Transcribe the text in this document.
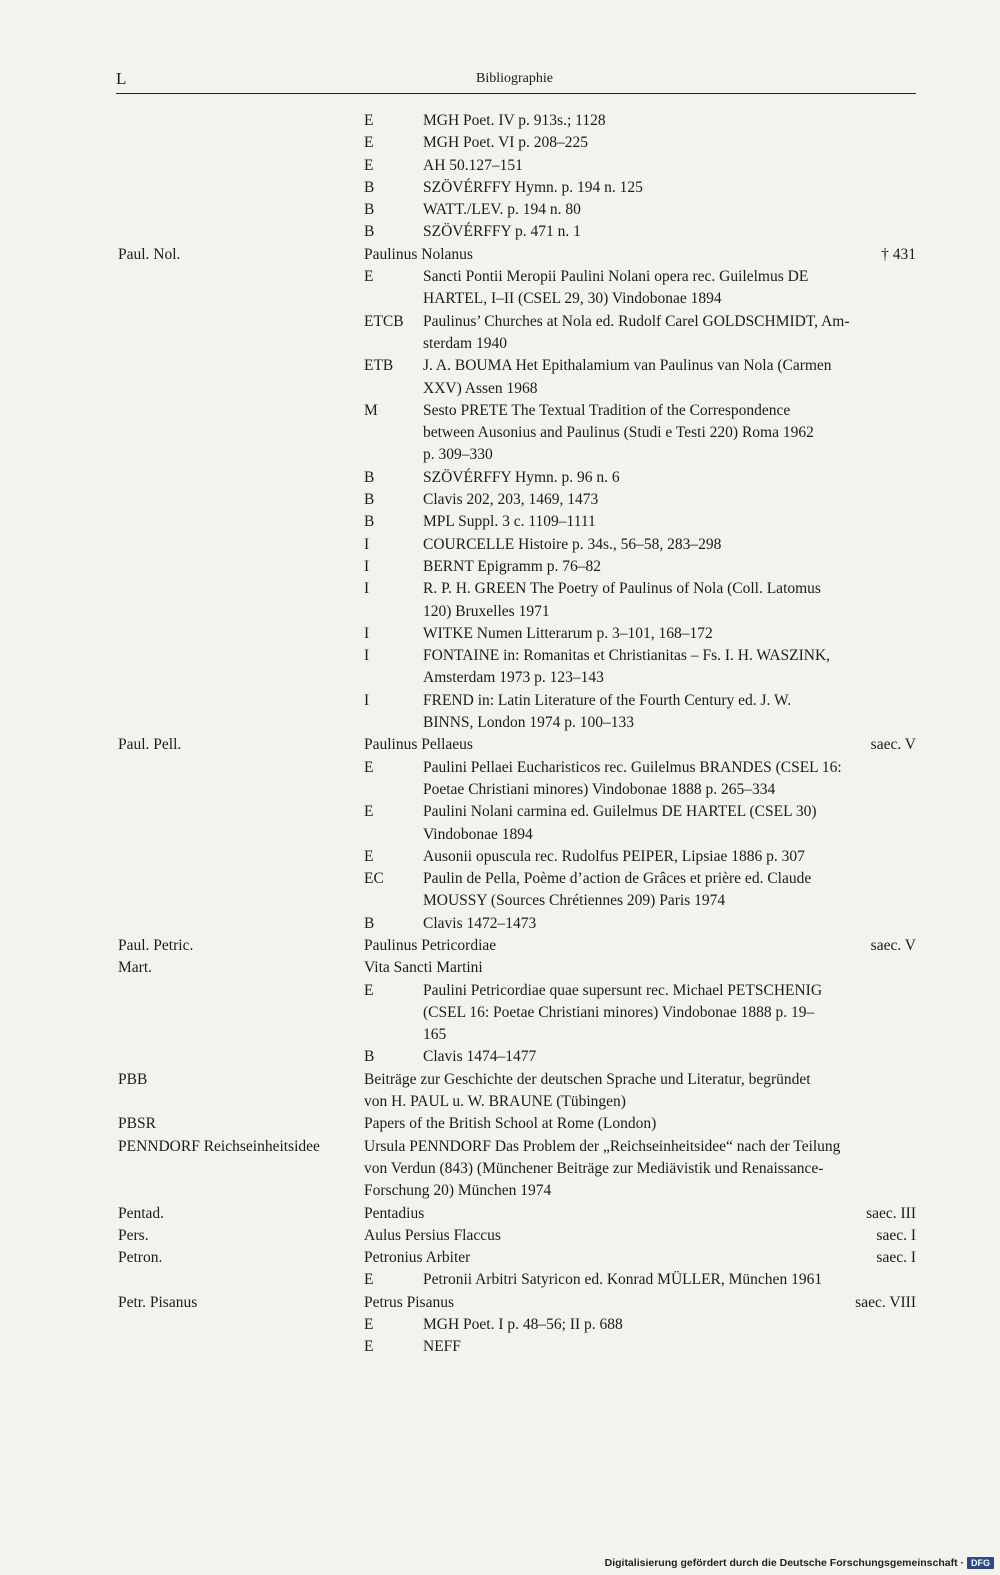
L	Bibliographie
E	MGH Poet. IV p. 913s.; 1128
E	MGH Poet. VI p. 208–225
E	AH 50.127–151
B	SZÖVÉRFFY Hymn. p. 194 n. 125
B	WATT./LEV. p. 194 n. 80
B	SZÖVÉRFFY p. 471 n. 1
Paul. Nol.	Paulinus Nolanus	† 431
E	Sancti Pontii Meropii Paulini Nolani opera rec. Guilelmus DE
HARTEL, I–II (CSEL 29, 30) Vindobonae 1894
ETCB Paulinus’ Churches at Nola ed. Rudolf Carel GOLDSCHMIDT, Am-
sterdam 1940
ETB J. A. BOUMA Het Epithalamium van Paulinus van Nola (Carmen
XXV) Assen 1968
M	Sesto PRETE The Textual Tradition of the Correspondence
between Ausonius and Paulinus (Studi e Testi 220) Roma 1962
p. 309–330
B	SZÖVÉRFFY Hymn. p. 96 n. 6
B	Clavis 202, 203, 1469, 1473
B	MPL Suppl. 3 c. 1109–1111
I	COURCELLE Histoire p. 34s., 56–58, 283–298
I	BERNT Epigramm p. 76–82
I	R. P. H. GREEN The Poetry of Paulinus of Nola (Coll. Latomus
120) Bruxelles 1971
I	WITKE Numen Litterarum p. 3–101, 168–172
I	FONTAINE in: Romanitas et Christianitas – Fs. I. H. WASZINK,
Amsterdam 1973 p. 123–143
I	FREND in: Latin Literature of the Fourth Century ed. J. W.
BINNS, London 1974 p. 100–133
Paul. Pell.	Paulinus Pellaeus	saec. V
E	Paulini Pellaei Eucharisticos rec. Guilelmus BRANDES (CSEL 16:
Poetae Christiani minores) Vindobonae 1888 p. 265–334
E	Paulini Nolani carmina ed. Guilelmus DE HARTEL (CSEL 30)
Vindobonae 1894
E	Ausonii opuscula rec. Rudolfus PEIPER, Lipsiae 1886 p. 307
EC	Paulin de Pella, Poème d’action de Grâces et prière ed. Claude
MOUSSY (Sources Chrétiennes 209) Paris 1974
B	Clavis 1472–1473
Paul. Petric.	Paulinus Petricordiae	saec. V
Mart.	Vita Sancti Martini
E	Paulini Petricordiae quae supersunt rec. Michael PETSCHENIG
(CSEL 16: Poetae Christiani minores) Vindobonae 1888 p. 19–
165
B	Clavis 1474–1477
PBB	Beiträge zur Geschichte der deutschen Sprache und Literatur, begründet
von H. PAUL u. W. BRAUNE (Tübingen)
PBSR	Papers of the British School at Rome (London)
PENNDORF Reichseinheitsidee	Ursula PENNDORF Das Problem der „Reichseinheitsidee“ nach der Teilung
von Verdun (843) (Münchener Beiträge zur Mediävistik und Renaissance-
Forschung 20) München 1974
Pentad.	Pentadius	saec. III
Pers.	Aulus Persius Flaccus	saec. I
Petron.	Petronius Arbiter	saec. I
E	Petronii Arbitri Satyricon ed. Konrad MÜLLER, München 1961
Petr. Pisanus	Petrus Pisanus	saec. VIII
E	MGH Poet. I p. 48–56; II p. 688
E	NEFF
Digitalisierung gefördert durch die Deutsche Forschungsgemeinschaft · DFG
